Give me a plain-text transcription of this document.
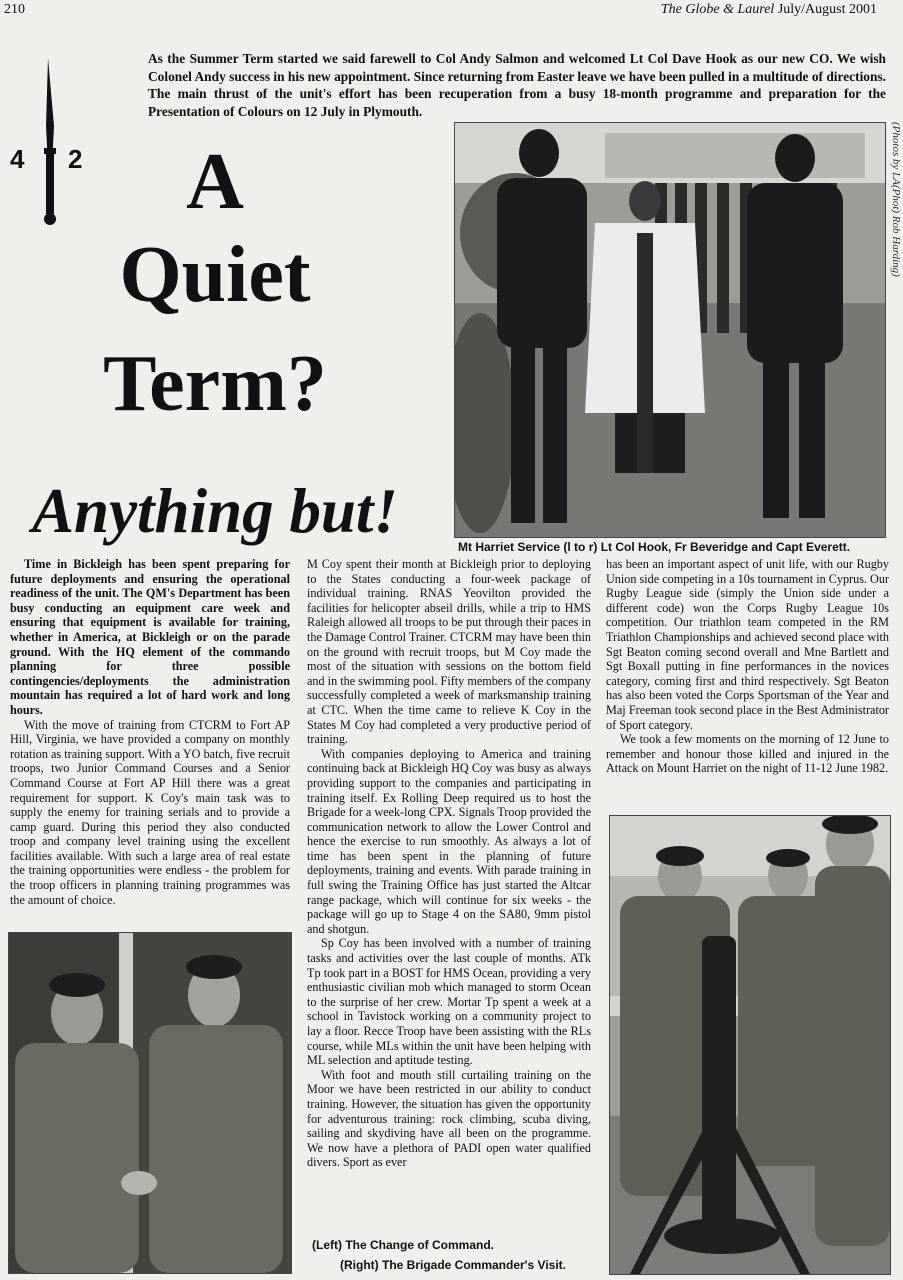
210	The Globe & Laurel July/August 2001
As the Summer Term started we said farewell to Col Andy Salmon and welcomed Lt Col Dave Hook as our new CO. We wish Colonel Andy success in his new appointment. Since returning from Easter leave we have been pulled in a multitude of directions. The main thrust of the unit's effort has been recuperation from a busy 18-month programme and preparation for the Presentation of Colours on 12 July in Plymouth.
4 2	A
Quiet
Term?
Anything but!
(Photos by LA(Phot) Rob Harding)
Mt Harriet Service (l to r) Lt Col Hook, Fr Beveridge and Capt Everett.

Time in Bickleigh has been spent preparing for future deployments and ensuring the operational readiness of the unit. The QM's Department has been busy conducting an equipment care week and ensuring that equipment is available for training, whether in America, at Bickleigh or on the parade ground. With the HQ element of the commando planning for three possible contingencies/deployments the administration mountain has required a lot of hard work and long hours.

With the move of training from CTCRM to Fort AP Hill, Virginia, we have provided a company on monthly rotation as training support. With a YO batch, five recruit troops, two Junior Command Courses and a Senior Command Course at Fort AP Hill there was a great requirement for support. K Coy's main task was to supply the enemy for training serials and to provide a camp guard. During this period they also conducted troop and company level training using the excellent facilities available. With such a large area of real estate the training opportunities were endless - the problem for the troop officers in planning training programmes was the amount of choice.

M Coy spent their month at Bickleigh prior to deploying to the States conducting a four-week package of individual training. RNAS Yeovilton provided the facilities for helicopter abseil drills, while a trip to HMS Raleigh allowed all troops to be put through their paces in the Damage Control Trainer. CTCRM may have been thin on the ground with recruit troops, but M Coy made the most of the situation with sessions on the bottom field and in the swimming pool. Fifty members of the company successfully completed a week of marksmanship training at CTC. When the time came to relieve K Coy in the States M Coy had completed a very productive period of training.

With companies deploying to America and training continuing back at Bickleigh HQ Coy was busy as always providing support to the companies and participating in training itself. Ex Rolling Deep required us to host the Brigade for a week-long CPX. Signals Troop provided the communication network to allow the Lower Control and hence the exercise to run smoothly. As always a lot of time has been spent in the planning of future deployments, training and events. With parade training in full swing the Training Office has just started the Altcar range package, which will continue for six weeks - the package will go up to Stage 4 on the SA80, 9mm pistol and shotgun.

Sp Coy has been involved with a number of training tasks and activities over the last couple of months. ATk Tp took part in a BOST for HMS Ocean, providing a very enthusiastic civilian mob which managed to storm Ocean to the surprise of her crew. Mortar Tp spent a week at a school in Tavistock working on a community project to lay a floor. Recce Troop have been assisting with the RLs course, while MLs within the unit have been helping with ML selection and aptitude testing.

With foot and mouth still curtailing training on the Moor we have been restricted in our ability to conduct training. However, the situation has given the opportunity for adventurous training: rock climbing, scuba diving, sailing and skydiving have all been on the programme. We now have a plethora of PADI open water qualified divers. Sport as ever

has been an important aspect of unit life, with our Rugby Union side competing in a 10s tournament in Cyprus. Our Rugby League side (simply the Union side under a different code) won the Corps Rugby League 10s competition. Our triathlon team competed in the RM Triathlon Championships and achieved second place with Sgt Beaton coming second overall and Mne Bartlett and Sgt Boxall putting in fine performances in the novices category, coming first and third respectively. Sgt Beaton has also been voted the Corps Sportsman of the Year and Maj Freeman took second place in the Best Administrator of Sport category.

We took a few moments on the morning of 12 June to remember and honour those killed and injured in the Attack on Mount Harriet on the night of 11-12 June 1982.

(Left) The Change of Command.
(Right) The Brigade Commander's Visit.
